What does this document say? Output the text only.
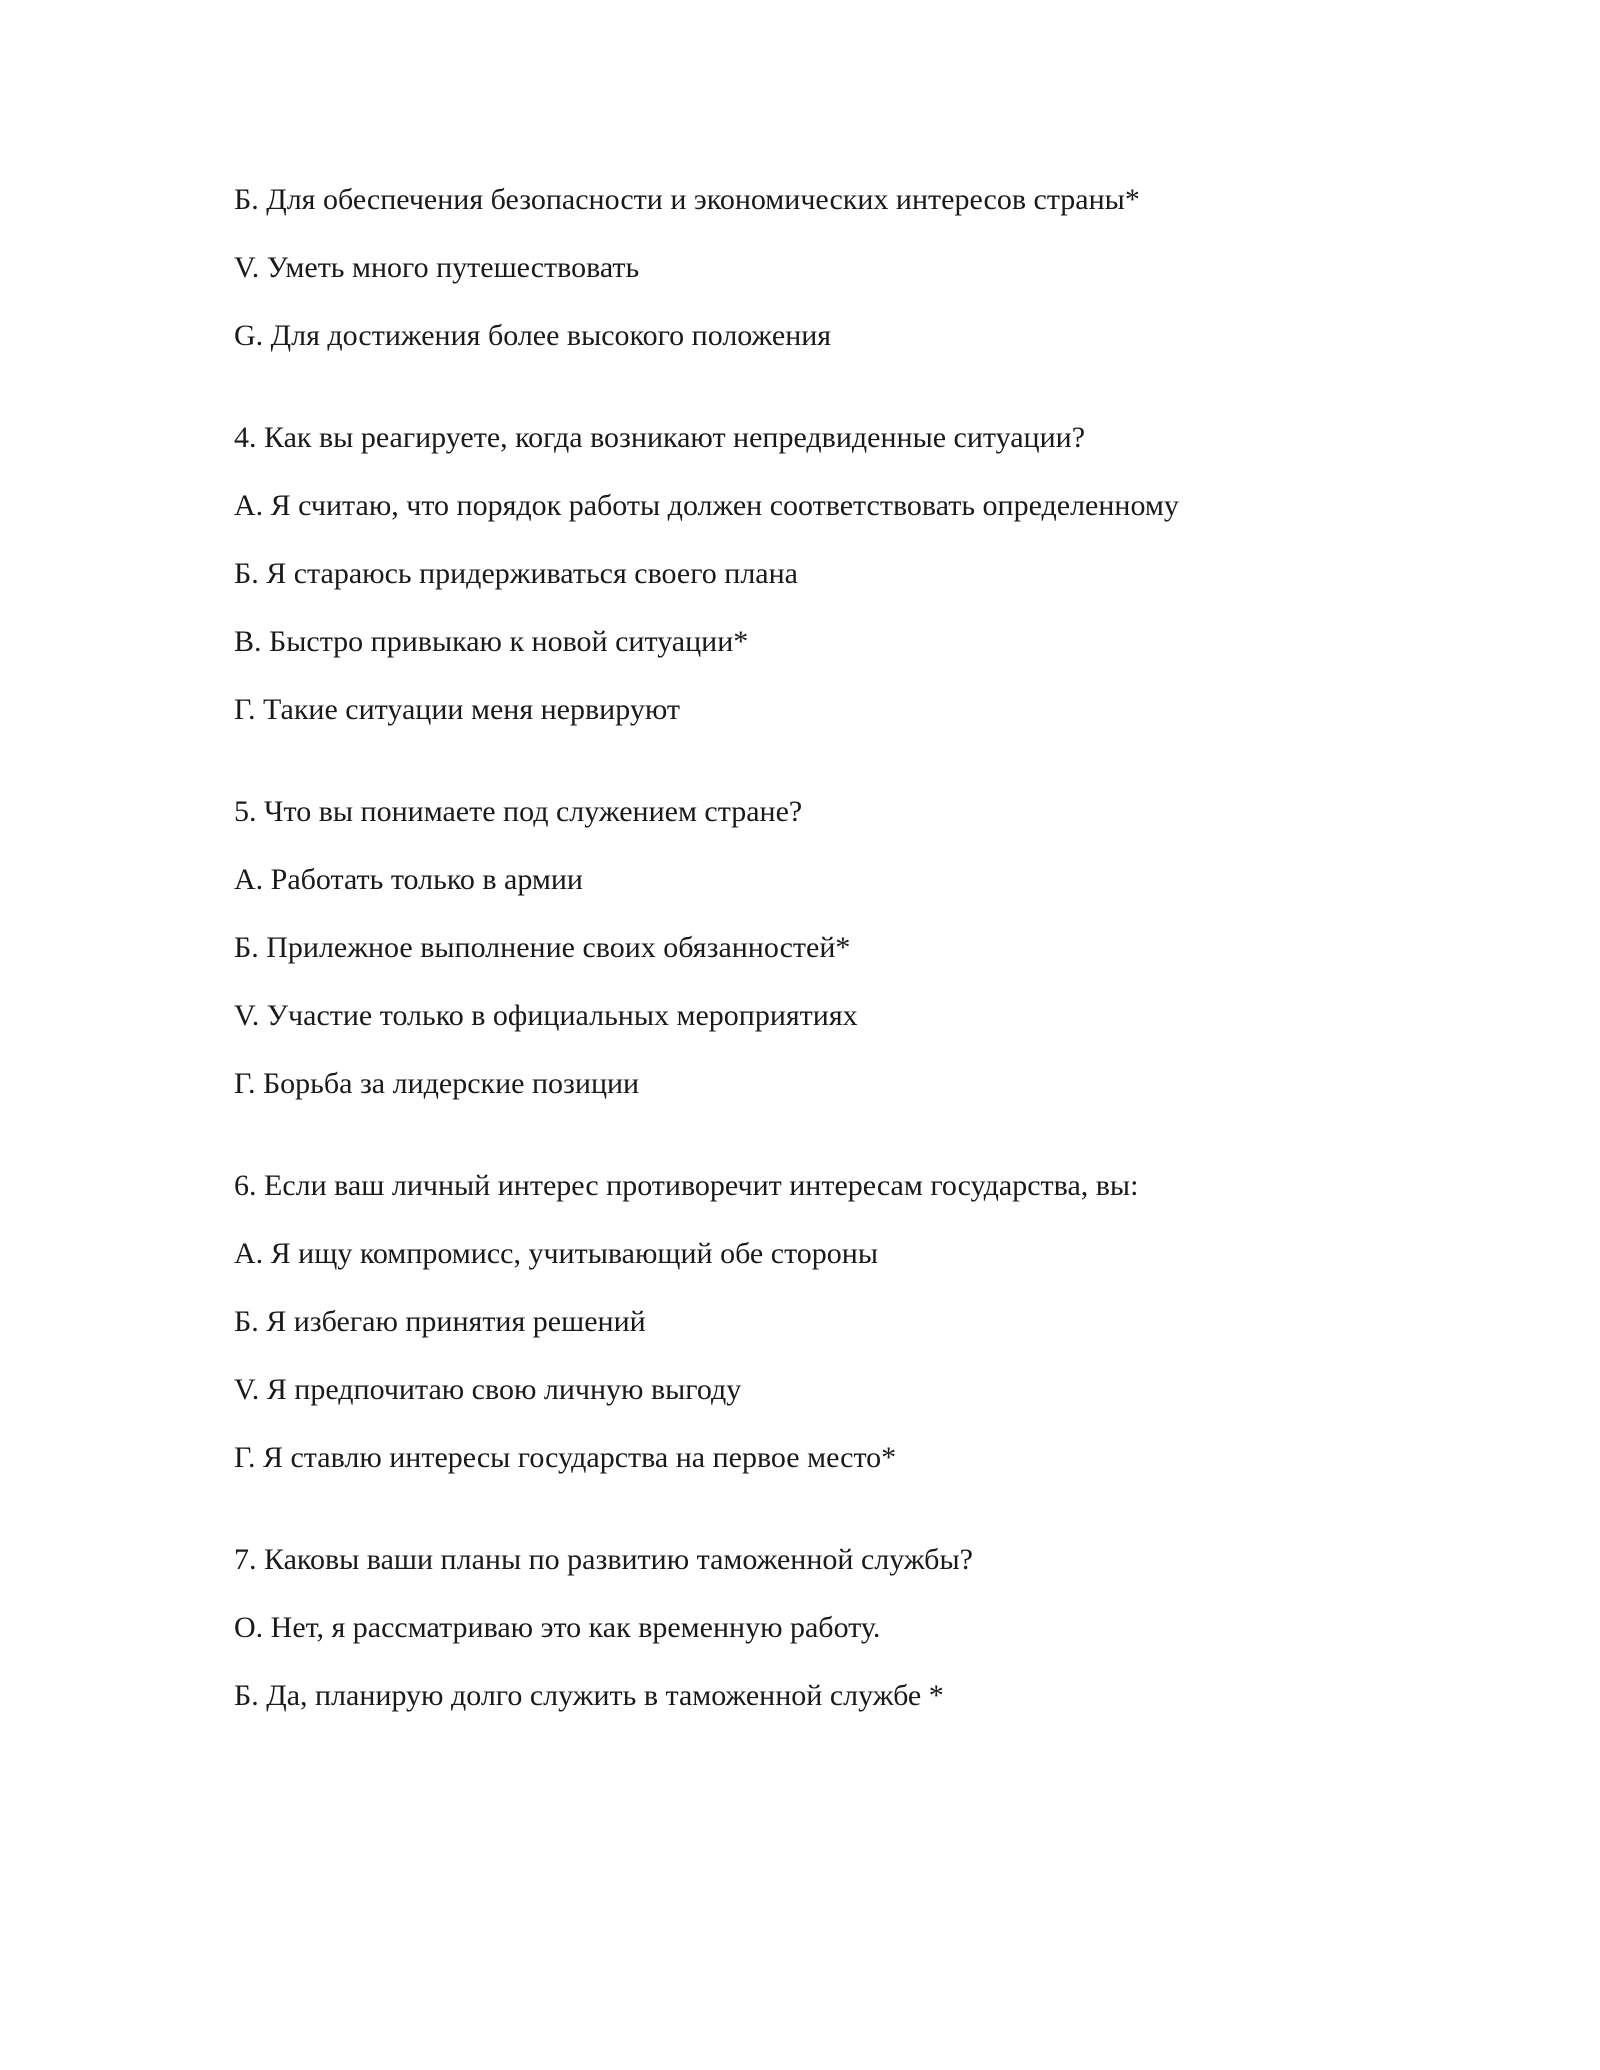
Б. Для обеспечения безопасности и экономических интересов страны*
V. Уметь много путешествовать
G. Для достижения более высокого положения
4. Как вы реагируете, когда возникают непредвиденные ситуации?
А. Я считаю, что порядок работы должен соответствовать определенному
Б. Я стараюсь придерживаться своего плана
В. Быстро привыкаю к новой ситуации*
Г. Такие ситуации меня нервируют
5. Что вы понимаете под служением стране?
А. Работать только в армии
Б. Прилежное выполнение своих обязанностей*
V. Участие только в официальных мероприятиях
Г. Борьба за лидерские позиции
6. Если ваш личный интерес противоречит интересам государства, вы:
А. Я ищу компромисс, учитывающий обе стороны
Б. Я избегаю принятия решений
V. Я предпочитаю свою личную выгоду
Г. Я ставлю интересы государства на первое место*
7. Каковы ваши планы по развитию таможенной службы?
О. Нет, я рассматриваю это как временную работу.
Б. Да, планирую долго служить в таможенной службе *
